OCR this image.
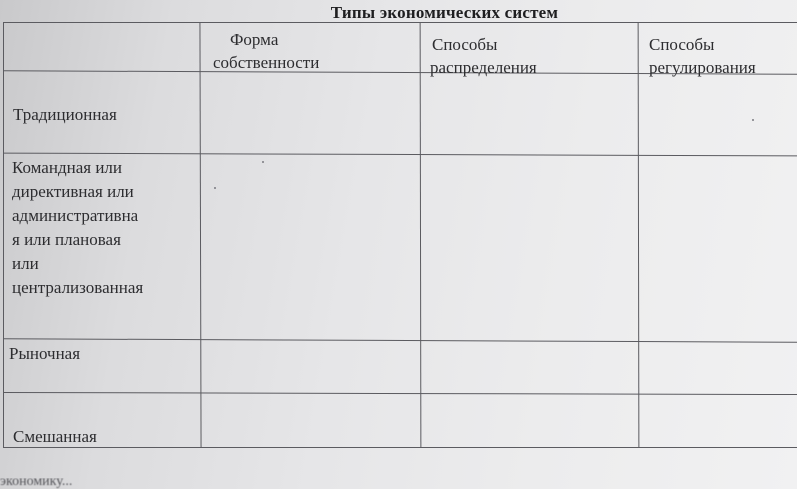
Типы экономических систем

Форма

собственности

Способы

распределения

Способы

регулирования

Традиционная

Командная или

директивная или

административна

я или плановая

или

централизованная

Рыночная

Смешанная

экономику...
